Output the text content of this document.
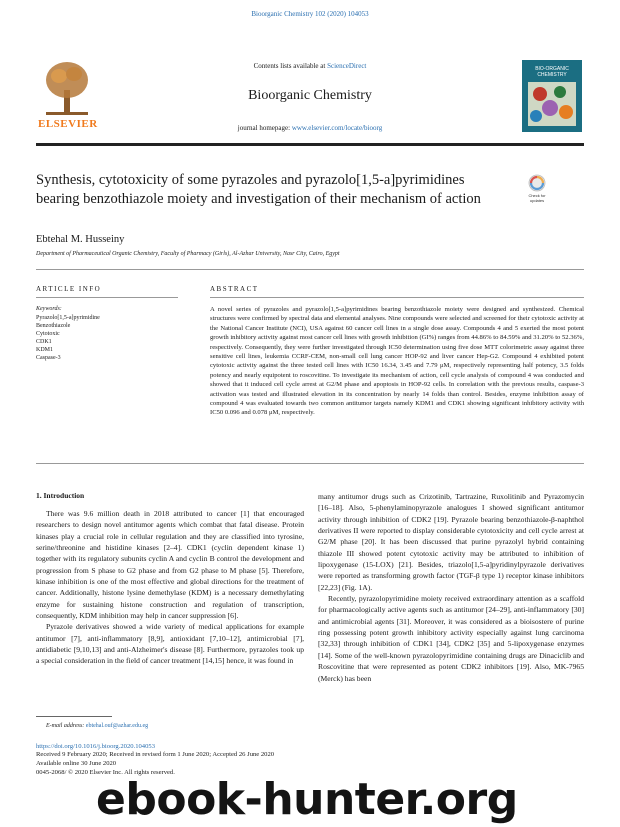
Bioorganic Chemistry 102 (2020) 104053
ELSEVIER
Contents lists available at ScienceDirect
Bioorganic Chemistry
journal homepage: www.elsevier.com/locate/bioorg
BIO-ORGANIC CHEMISTRY
Synthesis, cytotoxicity of some pyrazoles and pyrazolo[1,5-a]pyrimidines bearing benzothiazole moiety and investigation of their mechanism of action	Check for updates
Ebtehal M. Husseiny
Department of Pharmaceutical Organic Chemistry, Faculty of Pharmacy (Girls), Al-Azhar University, Nasr City, Cairo, Egypt
ARTICLE INFO	ABSTRACT
Keywords:
Pyrazolo[1,5-a]pyrimidine
Benzothiazole
Cytotoxic
CDK1
KDM1
Caspase-3
A novel series of pyrazoles and pyrazolo[1,5-a]pyrimidines bearing benzothiazole moiety were designed and synthesized. Chemical structures were confirmed by spectral data and elemental analyses. Nine compounds were selected and screened for their cytotoxic activity at the National Cancer Institute (NCI), USA against 60 cancer cell lines in a single dose assay. Compounds 4 and 5 exerted the most potent growth inhibitory activity against most cancer cell lines with growth inhibition (GI%) ranges from 44.86% to 84.59% and 31.20% to 52.36%, respectively. Consequently, they were further investigated through IC50 determination using five dose MTT colorimetric assay against three sensitive cell lines, leukemia CCRF-CEM, non-small cell lung cancer HOP-92 and liver cancer Hep-G2. Compound 4 exhibited potent cytotoxic activity against the three tested cell lines with IC50 16.34, 3.45 and 7.79 μM, respectively representing half potency, 3.5 folds potency and nearly equipotent to roscovitine. To investigate its mechanism of action, cell cycle analysis of compound 4 was conducted and showed that it induced cell cycle arrest at G2/M phase and apoptosis in HOP-92 cells. In correlation with the previous results, caspase-3 activation was tested and illustrated elevation in its concentration by nearly 14 folds than control. Besides, enzyme inhibition assay of compound 4 was evaluated towards two common antitumor targets namely KDM1 and CDK1 showing significant inhibitory activity with IC50 0.096 and 0.078 μM, respectively.
1. Introduction
There was 9.6 million death in 2018 attributed to cancer [1] that encouraged researchers to design novel antitumor agents which combat that fatal disease. Protein kinases play a crucial role in cellular regulation and they are classified into tyrosine, serine/threonine and histidine kinases [2–4]. CDK1 (cyclin dependent kinase 1) together with its regulatory subunits cyclin A and cyclin B control the development and progression from S phase to G2 phase and from G2 phase to M phase [5]. Therefore, kinase inhibition is one of the most effective and global directions for the treatment of cancer. Additionally, histone lysine demethylase (KDM) is a necessary demethylating enzyme for sustaining histone construction and regulation of transcription, consequently, KDM inhibition may help in cancer suppression [6].
Pyrazole derivatives showed a wide variety of medical applications for example antitumor [7], anti-inflammatory [8,9], antioxidant [7,10–12], antimicrobial [7], antidiabetic [9,10,13] and anti-Alzheimer's disease [8]. Furthermore, pyrazoles took up a special consideration in the field of cancer treatment [14,15] hence, it was found in
many antitumor drugs such as Crizotinib, Tartrazine, Ruxolitinib and Pyrazomycin [16–18]. Also, 5-phenylaminopyrazole analogues I showed significant antitumor activity through inhibition of CDK2 [19]. Pyrazole bearing benzothiazole-β-naphthol derivatives II were reported to display considerable cytotoxicity and cell cycle arrest at G2/M phase [20]. It has been discussed that purine pyrazolyl hybrid containing thiazole III showed potent cytotoxic activity may be attributed to inhibition of lipoxygenase (15-LOX) [21]. Besides, triazolo[1,5-a]pyridinylpyrazole derivatives were reported as transforming growth factor (TGF-β type 1) receptor kinase inhibitors [22,23] (Fig. 1A).
Recently, pyrazolopyrimidine moiety received extraordinary attention as a scaffold for pharmacologically active agents such as antitumor [24–29], anti-inflammatory [30] and antimicrobial agents [31]. Moreover, it was considered as a bioisostere of purine ring possessing potent growth inhibitory activity especially against lung carcinoma [32,33] through inhibition of CDK1 [34], CDK2 [35] and 5-lipoxygenase enzymes [14]. Some of the well-known pyrazolopyrimidine containing drugs are Dinaciclib and Roscovitine that were represented as potent CDK2 inhibitors [19]. Also, MK-7965 (Merck) has been
E-mail address: ebtehal.ouf@azhar.edu.eg
https://doi.org/10.1016/j.bioorg.2020.104053
Received 9 February 2020; Received in revised form 1 June 2020; Accepted 26 June 2020
Available online 30 June 2020
0045-2068/ © 2020 Elsevier Inc. All rights reserved.
ebook-hunter.org
